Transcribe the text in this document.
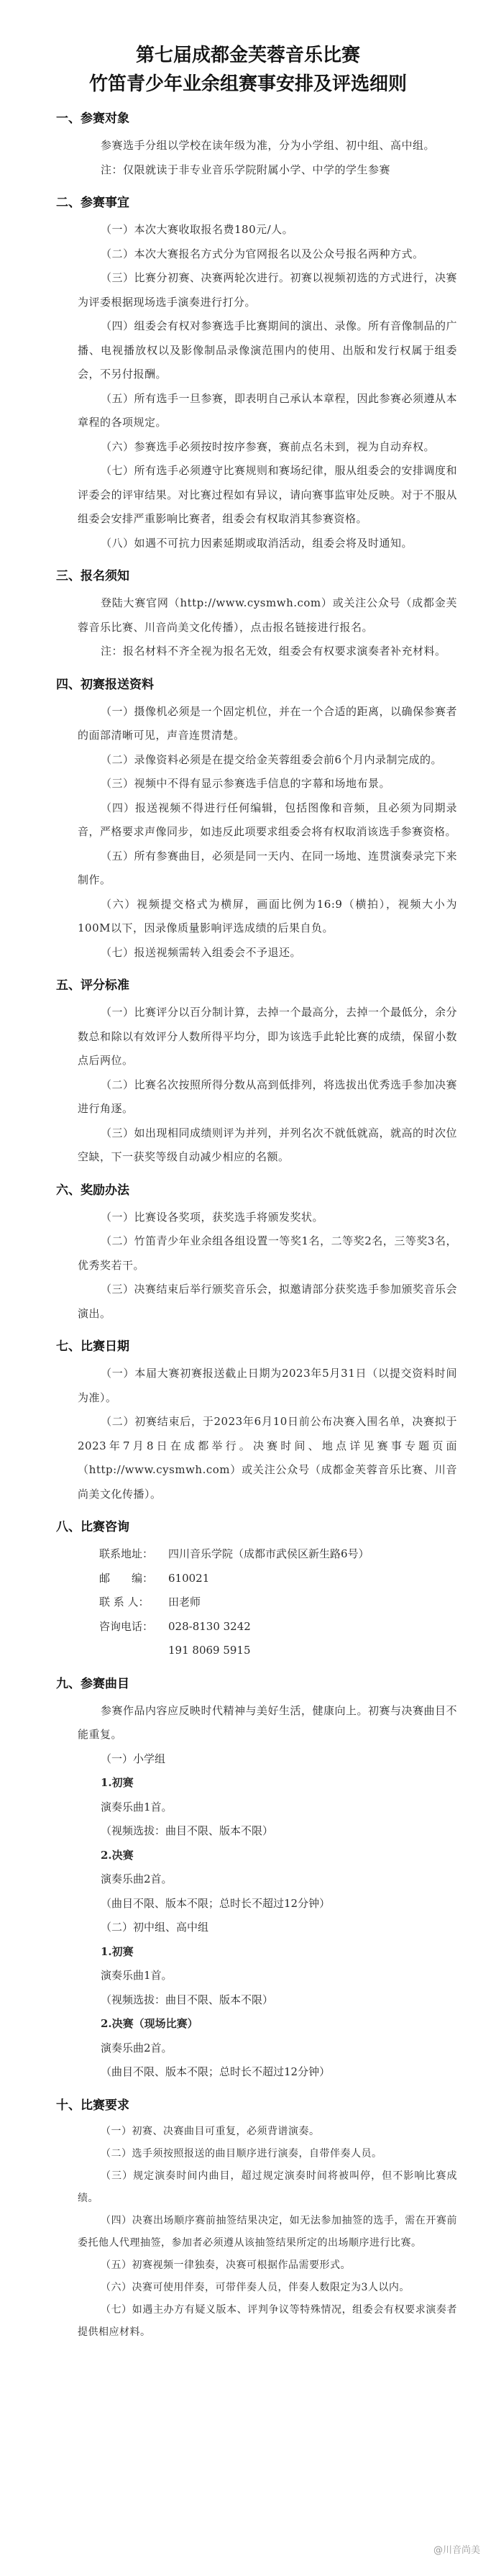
第七届成都金芙蓉音乐比赛
竹笛青少年业余组赛事安排及评选细则
一、参赛对象

参赛选手分组以学校在读年级为准，分为小学组、初中组、高中组。

注：仅限就读于非专业音乐学院附属小学、中学的学生参赛

二、参赛事宜

（一）本次大赛收取报名费180元/人。

（二）本次大赛报名方式分为官网报名以及公众号报名两种方式。

（三）比赛分初赛、决赛两轮次进行。初赛以视频初选的方式进行，决赛为评委根据现场选手演奏进行打分。

（四）组委会有权对参赛选手比赛期间的演出、录像。所有音像制品的广播、电视播放权以及影像制品录像演范围内的使用、出版和发行权属于组委会，不另付报酬。

（五）所有选手一旦参赛，即表明自己承认本章程，因此参赛必须遵从本章程的各项规定。

（六）参赛选手必须按时按序参赛，赛前点名未到，视为自动弃权。

（七）所有选手必须遵守比赛规则和赛场纪律，服从组委会的安排调度和评委会的评审结果。对比赛过程如有异议，请向赛事监审处反映。对于不服从组委会安排严重影响比赛者，组委会有权取消其参赛资格。

（八）如遇不可抗力因素延期或取消活动，组委会将及时通知。

三、报名须知

登陆大赛官网（http://www.cysmwh.com）或关注公众号（成都金芙蓉音乐比赛、川音尚美文化传播），点击报名链接进行报名。

注：报名材料不齐全视为报名无效，组委会有权要求演奏者补充材料。

四、初赛报送资料

（一）摄像机必须是一个固定机位，并在一个合适的距离，以确保参赛者的面部清晰可见，声音连贯清楚。

（二）录像资料必须是在提交给金芙蓉组委会前6个月内录制完成的。

（三）视频中不得有显示参赛选手信息的字幕和场地布景。

（四）报送视频不得进行任何编辑，包括图像和音频，且必须为同期录音，严格要求声像同步，如违反此项要求组委会将有权取消该选手参赛资格。

（五）所有参赛曲目，必须是同一天内、在同一场地、连贯演奏录完下来制作。

（六）视频提交格式为横屏，画面比例为16:9（横拍），视频大小为100M以下，因录像质量影响评选成绩的后果自负。

（七）报送视频需转入组委会不予退还。

五、评分标准

（一）比赛评分以百分制计算，去掉一个最高分，去掉一个最低分，余分数总和除以有效评分人数所得平均分，即为该选手此轮比赛的成绩，保留小数点后两位。

（二）比赛名次按照所得分数从高到低排列，将选拔出优秀选手参加决赛进行角逐。

（三）如出现相同成绩则评为并列，并列名次不就低就高，就高的时次位空缺，下一获奖等级自动减少相应的名额。

六、奖励办法

（一）比赛设各奖项，获奖选手将颁发奖状。

（二）竹笛青少年业余组各组设置一等奖1名，二等奖2名，三等奖3名，优秀奖若干。

（三）决赛结束后举行颁奖音乐会，拟邀请部分获奖选手参加颁奖音乐会演出。

七、比赛日期

（一）本届大赛初赛报送截止日期为2023年5月31日（以提交资料时间为准）。

（二）初赛结束后，于2023年6月10日前公布决赛入围名单，决赛拟于2023年7月8日在成都举行。决赛时间、地点详见赛事专题页面（http://www.cysmwh.com）或关注公众号（成都金芙蓉音乐比赛、川音尚美文化传播）。

八、比赛咨询
联系地址：	四川音乐学院（成都市武侯区新生路6号）
邮　　编：	610021
联 系 人：	田老师
咨询电话：	028-8130 3242
191 8069 5915
九、参赛曲目

参赛作品内容应反映时代精神与美好生活，健康向上。初赛与决赛曲目不能重复。

（一）小学组

1.初赛

演奏乐曲1首。

（视频选拔：曲目不限、版本不限）

2.决赛

演奏乐曲2首。

（曲目不限、版本不限；总时长不超过12分钟）

（二）初中组、高中组

1.初赛

演奏乐曲1首。

（视频选拔：曲目不限、版本不限）

2.决赛（现场比赛）

演奏乐曲2首。

（曲目不限、版本不限；总时长不超过12分钟）

十、比赛要求

（一）初赛、决赛曲目可重复，必须背谱演奏。

（二）选手须按照报送的曲目顺序进行演奏，自带伴奏人员。

（三）规定演奏时间内曲目，超过规定演奏时间将被叫停，但不影响比赛成绩。

（四）决赛出场顺序赛前抽签结果决定，如无法参加抽签的选手，需在开赛前委托他人代理抽签，参加者必须遵从该抽签结果所定的出场顺序进行比赛。

（五）初赛视频一律独奏，决赛可根据作品需要形式。

（六）决赛可使用伴奏，可带伴奏人员，伴奏人数限定为3人以内。

（七）如遇主办方有疑义版本、评判争议等特殊情况，组委会有权要求演奏者提供相应材料。

@川音尚美
